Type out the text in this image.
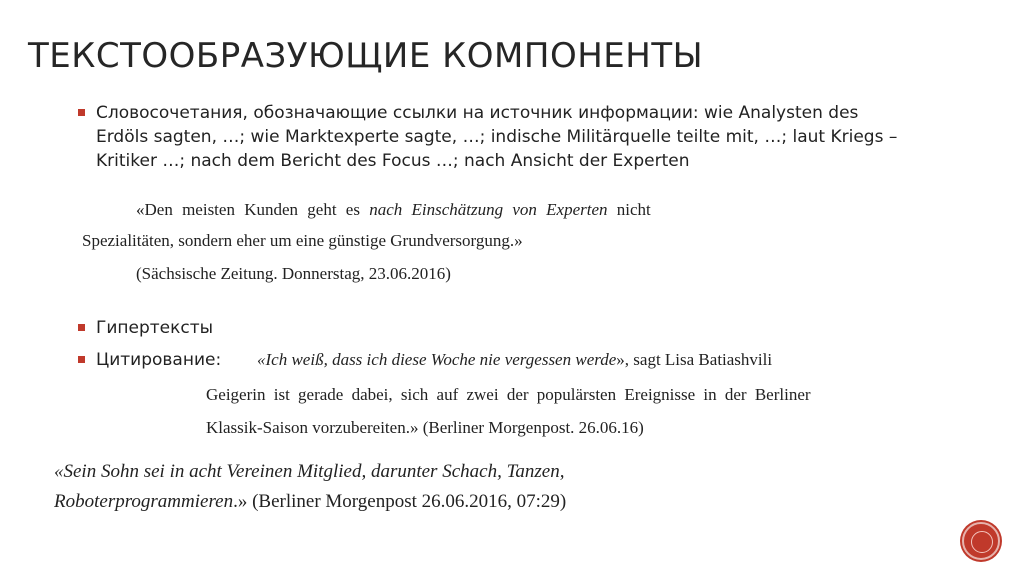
ТЕКСТООБРАЗУЮЩИЕ КОМПОНЕНТЫ
Словосочетания, обозначающие ссылки на источник информации: wie Analysten des Erdöls sagten, …; wie Marktexperte sagte, …; indische Militärquelle teilte mit, …; laut Kriegs – Kritiker …; nach dem Bericht des Focus …; nach Ansicht der Experten
«Den meisten Kunden geht es nach Einschätzung von Experten nicht
Spezialitäten, sondern eher um eine günstige Grundversorgung.»
(Sächsische Zeitung. Donnerstag, 23.06.2016)
Гипертексты
Цитирование:	«Ich weiß, dass ich diese Woche nie vergessen werde», sagt Lisa Batiashvili
Geigerin ist gerade dabei, sich auf zwei der populärsten Ereignisse in der Berliner
Klassik-Saison vorzubereiten.» (Berliner Morgenpost. 26.06.16)
«Sein Sohn sei in acht Vereinen Mitglied, darunter Schach, Tanzen,
Roboterprogrammieren.» (Berliner Morgenpost 26.06.2016, 07:29)
